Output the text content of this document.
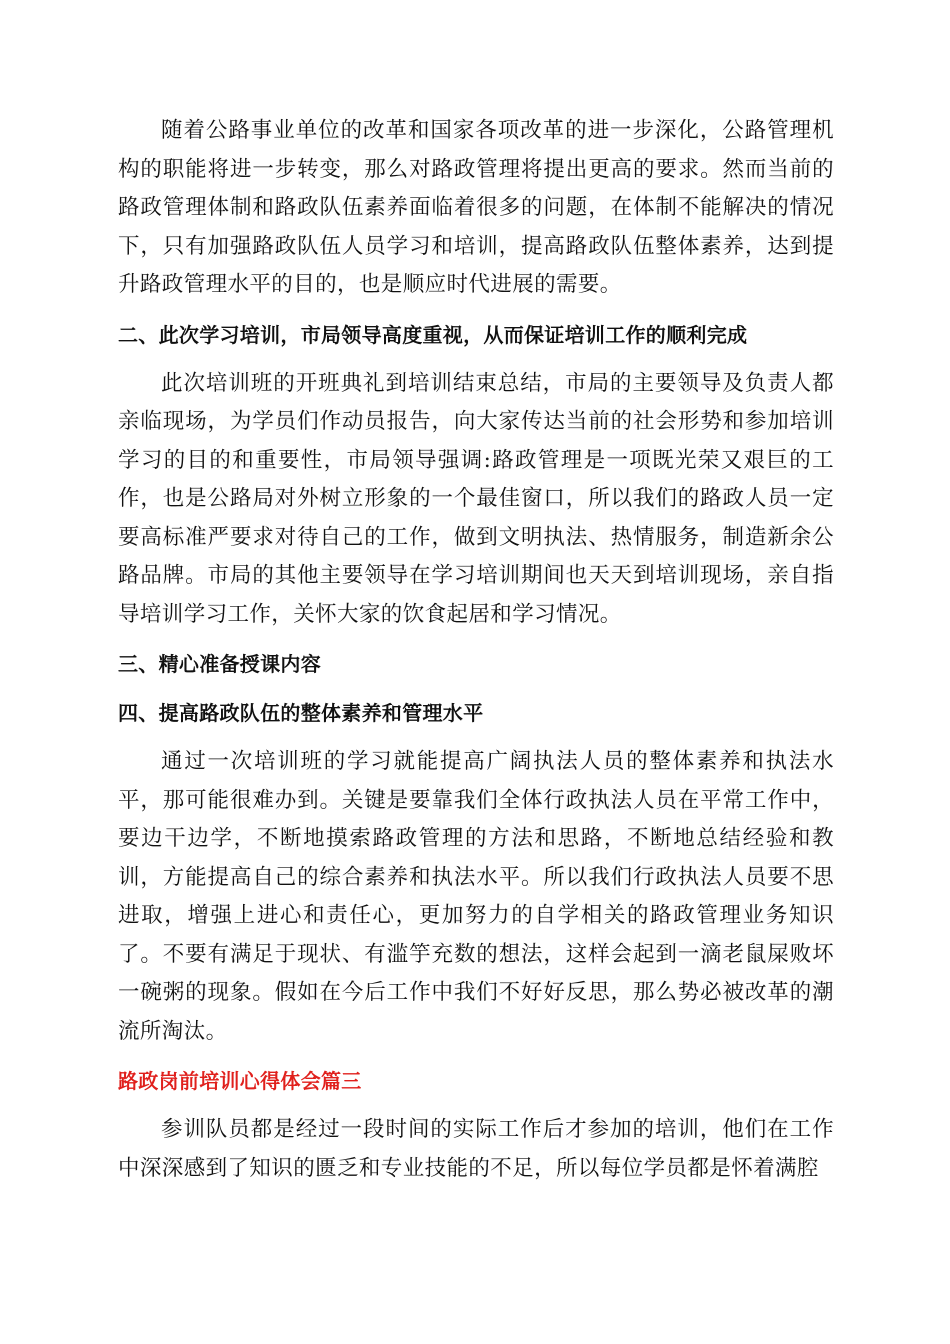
随着公路事业单位的改革和国家各项改革的进一步深化，公路管理机构的职能将进一步转变，那么对路政管理将提出更高的要求。然而当前的路政管理体制和路政队伍素养面临着很多的问题，在体制不能解决的情况下，只有加强路政队伍人员学习和培训，提高路政队伍整体素养，达到提升路政管理水平的目的，也是顺应时代进展的需要。

二、此次学习培训，市局领导高度重视，从而保证培训工作的顺利完成

此次培训班的开班典礼到培训结束总结，市局的主要领导及负责人都亲临现场，为学员们作动员报告，向大家传达当前的社会形势和参加培训学习的目的和重要性，市局领导强调:路政管理是一项既光荣又艰巨的工作，也是公路局对外树立形象的一个最佳窗口，所以我们的路政人员一定要高标准严要求对待自己的工作，做到文明执法、热情服务，制造新余公路品牌。市局的其他主要领导在学习培训期间也天天到培训现场，亲自指导培训学习工作，关怀大家的饮食起居和学习情况。

三、精心准备授课内容
四、提高路政队伍的整体素养和管理水平

通过一次培训班的学习就能提高广阔执法人员的整体素养和执法水平，那可能很难办到。关键是要靠我们全体行政执法人员在平常工作中，要边干边学，不断地摸索路政管理的方法和思路，不断地总结经验和教训，方能提高自己的综合素养和执法水平。所以我们行政执法人员要不思进取，增强上进心和责任心，更加努力的自学相关的路政管理业务知识了。不要有满足于现状、有滥竽充数的想法，这样会起到一滴老鼠屎败坏一碗粥的现象。假如在今后工作中我们不好好反思，那么势必被改革的潮流所淘汰。

路政岗前培训心得体会篇三

参训队员都是经过一段时间的实际工作后才参加的培训，他们在工作中深深感到了知识的匮乏和专业技能的不足，所以每位学员都是怀着满腔
